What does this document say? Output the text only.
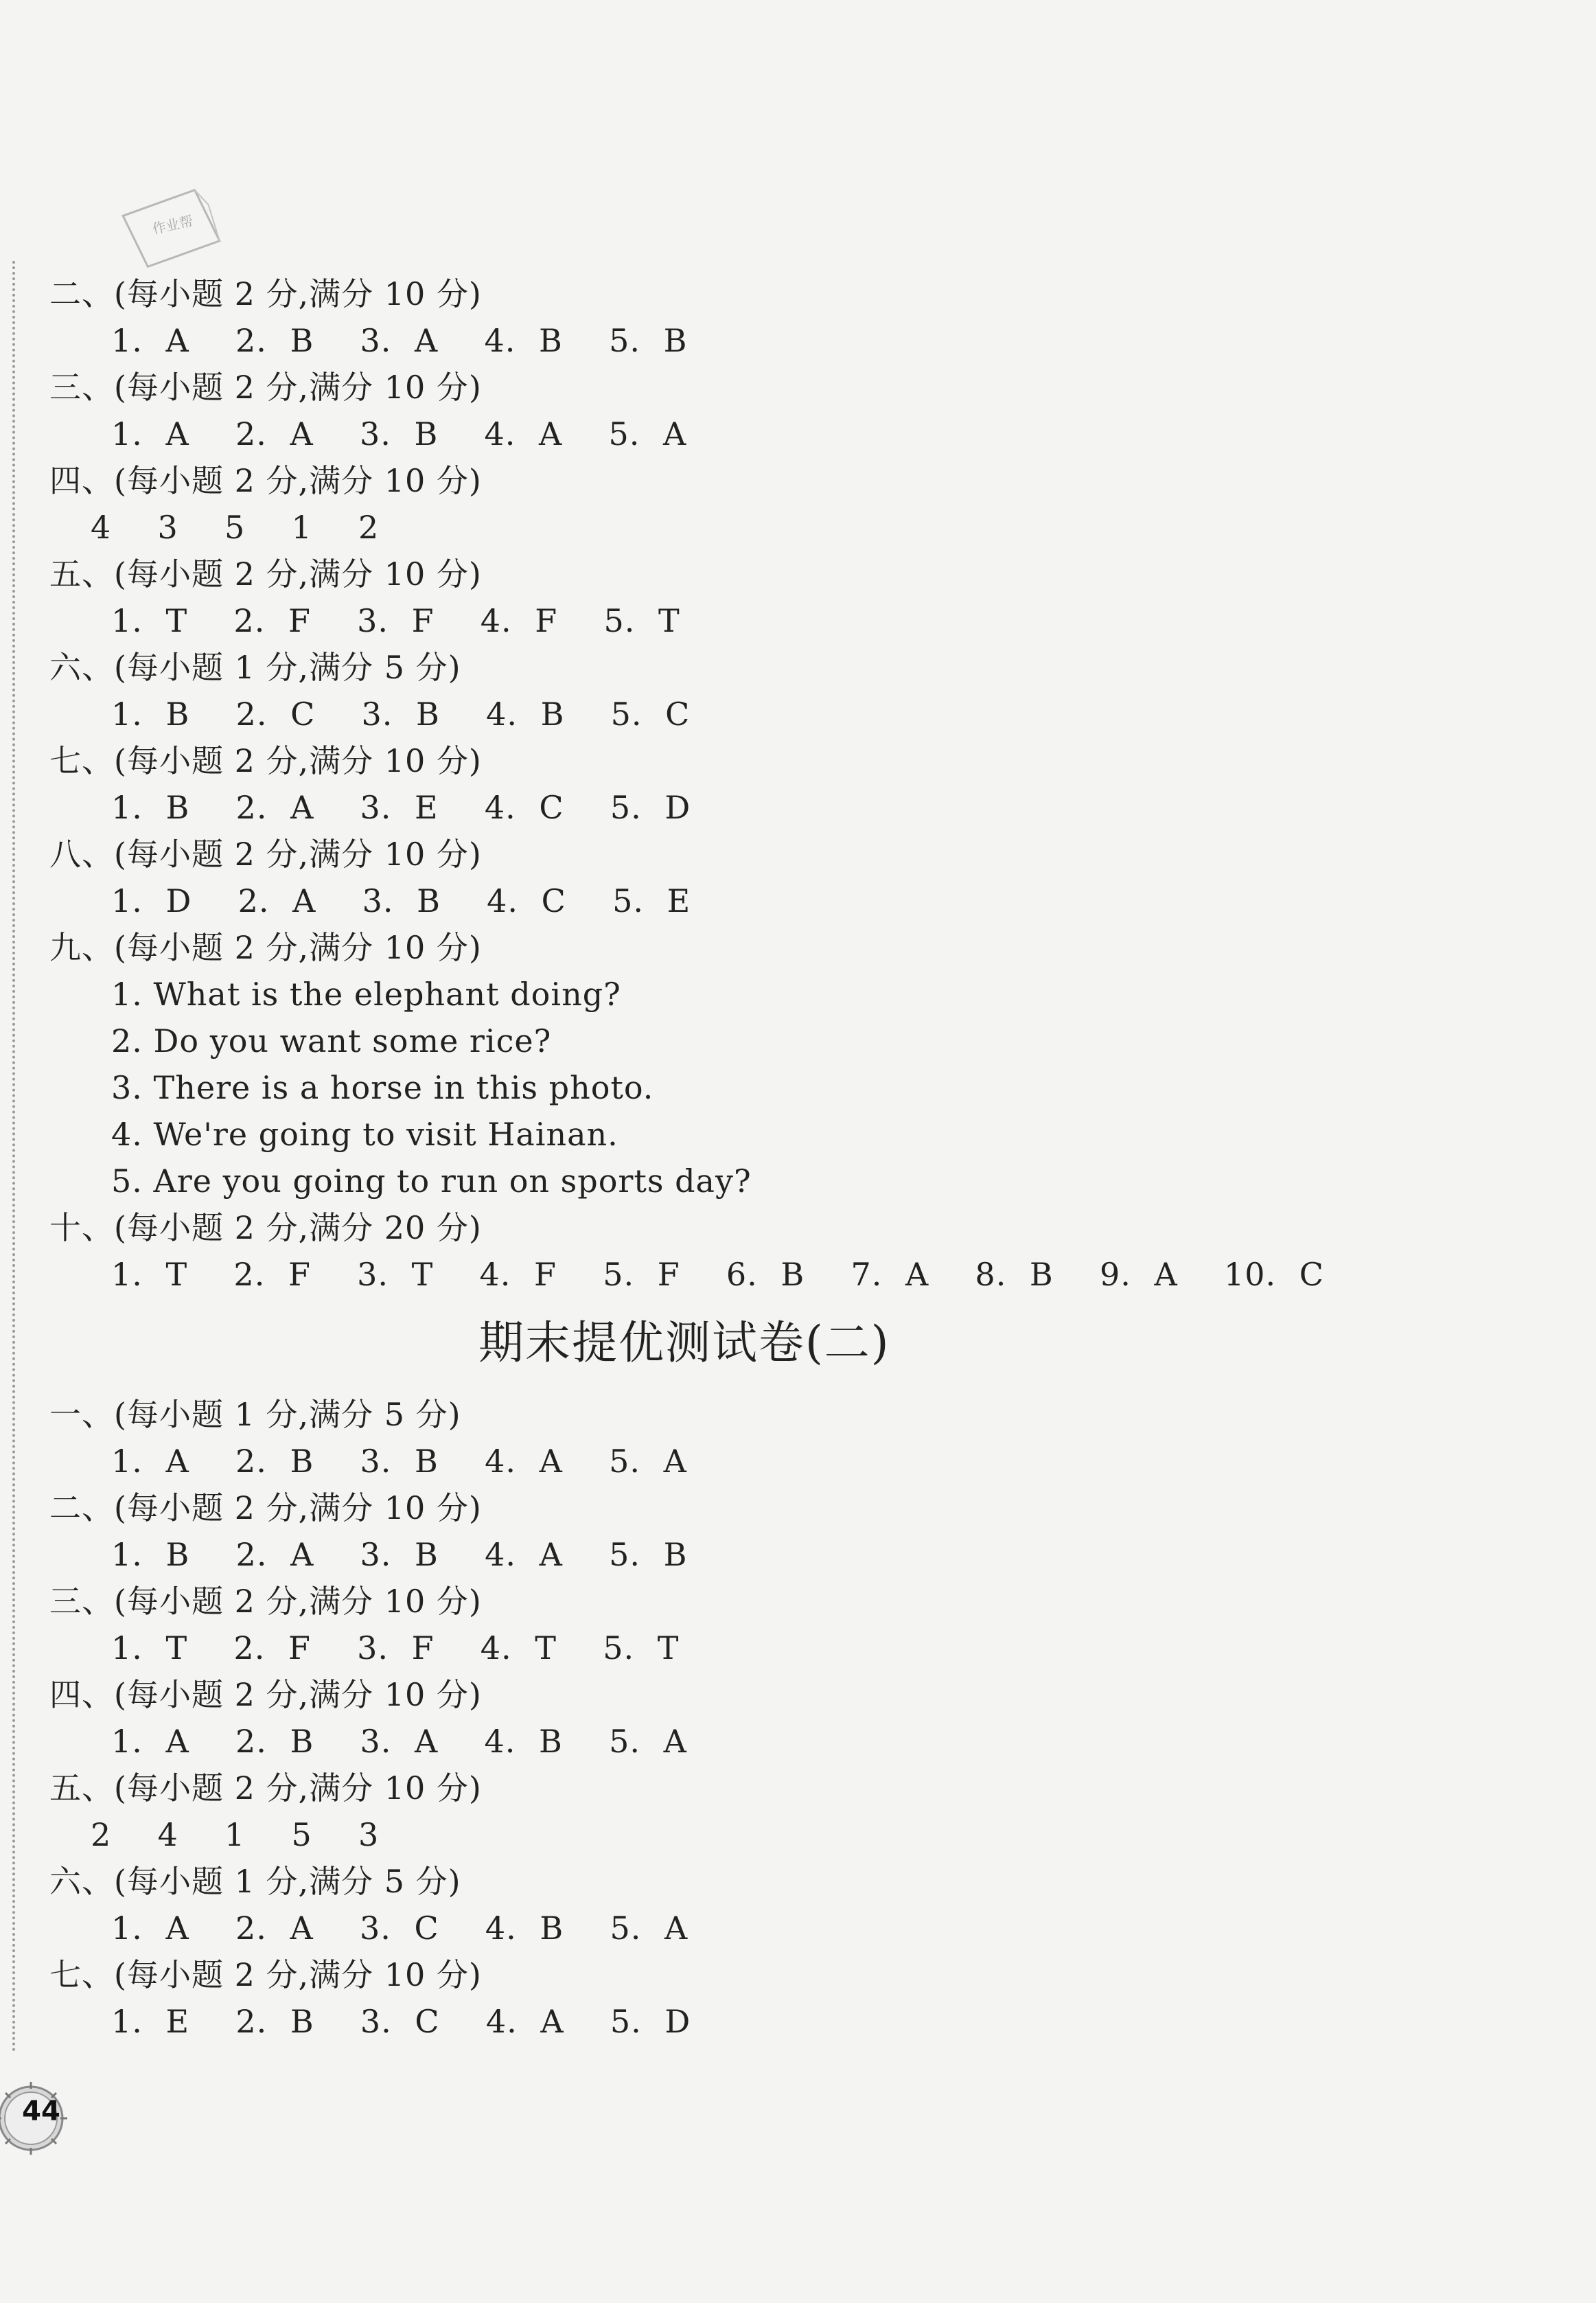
作业帮
二、(每小题 2 分,满分 10 分)
1. A  2. B  3. A  4. B  5. B
三、(每小题 2 分,满分 10 分)
1. A  2. A  3. B  4. A  5. A
四、(每小题 2 分,满分 10 分)
4  3  5  1  2
五、(每小题 2 分,满分 10 分)
1. T  2. F  3. F  4. F  5. T
六、(每小题 1 分,满分 5 分)
1. B  2. C  3. B  4. B  5. C
七、(每小题 2 分,满分 10 分)
1. B  2. A  3. E  4. C  5. D
八、(每小题 2 分,满分 10 分)
1. D  2. A  3. B  4. C  5. E
九、(每小题 2 分,满分 10 分)
1. What is the elephant doing?
2. Do you want some rice?
3. There is a horse in this photo.
4. We're going to visit Hainan.
5. Are you going to run on sports day?
十、(每小题 2 分,满分 20 分)
1. T  2. F  3. T  4. F  5. F  6. B  7. A  8. B  9. A  10. C
期末提优测试卷(二)
一、(每小题 1 分,满分 5 分)
1. A  2. B  3. B  4. A  5. A
二、(每小题 2 分,满分 10 分)
1. B  2. A  3. B  4. A  5. B
三、(每小题 2 分,满分 10 分)
1. T  2. F  3. F  4. T  5. T
四、(每小题 2 分,满分 10 分)
1. A  2. B  3. A  4. B  5. A
五、(每小题 2 分,满分 10 分)
2  4  1  5  3
六、(每小题 1 分,满分 5 分)
1. A  2. A  3. C  4. B  5. A
七、(每小题 2 分,满分 10 分)
1. E  2. B  3. C  4. A  5. D
44
